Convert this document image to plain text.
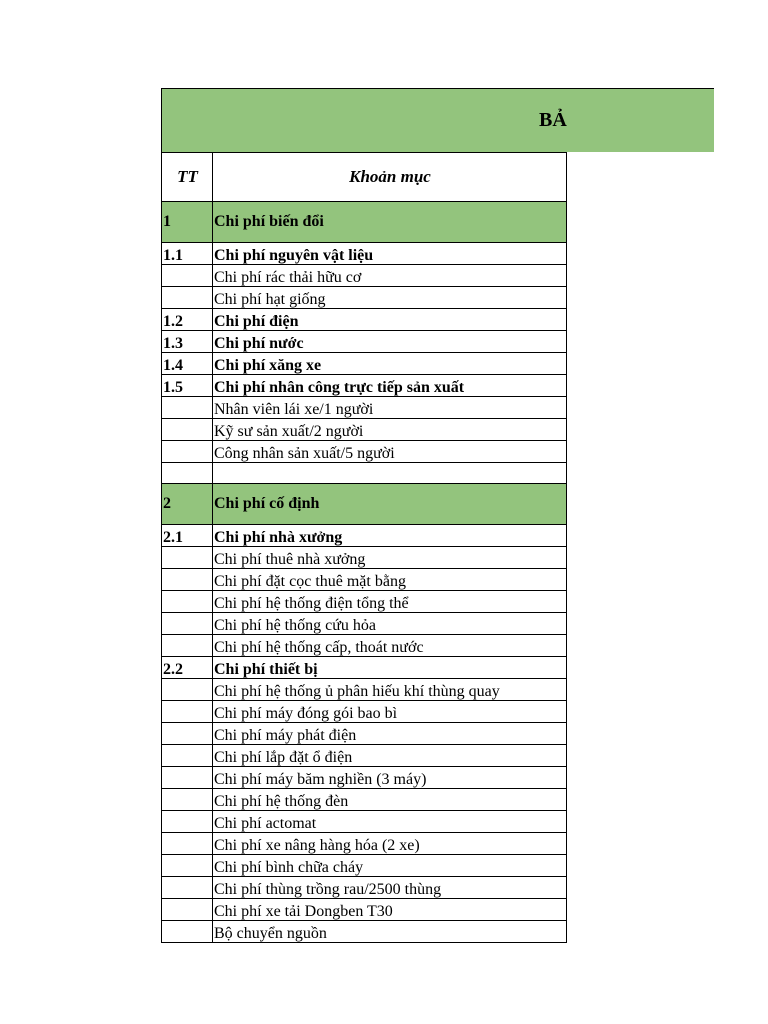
BẢ
TT	Khoản mục
1	Chi phí biến đổi
1.1	Chi phí nguyên vật liệu
	Chi phí rác thải hữu cơ
	Chi phí hạt giống
1.2	Chi phí điện
1.3	Chi phí nước
1.4	Chi phí xăng xe
1.5	Chi phí nhân công trực tiếp sản xuất
	Nhân viên lái xe/1 người
	Kỹ sư sản xuất/2 người
	Công nhân sản xuất/5 người

2	Chi phí cố định
2.1	Chi phí nhà xưởng
	Chi phí thuê nhà xưởng
	Chi phí đặt cọc thuê mặt bằng
	Chi phí hệ thống điện tổng thể
	Chi phí hệ thống cứu hỏa
	Chi phí hệ thống cấp, thoát nước
2.2	Chi phí thiết bị
	Chi phí hệ thống ủ phân hiếu khí thùng quay
	Chi phí máy đóng gói bao bì
	Chi phí máy phát điện
	Chi phí lắp đặt ổ điện
	Chi phí máy băm nghiền (3 máy)
	Chi phí hệ thống đèn
	Chi phí actomat
	Chi phí xe nâng hàng hóa (2 xe)
	Chi phí bình chữa cháy
	Chi phí thùng trồng rau/2500 thùng
	Chi phí xe tải Dongben T30
	Bộ chuyển nguồn
